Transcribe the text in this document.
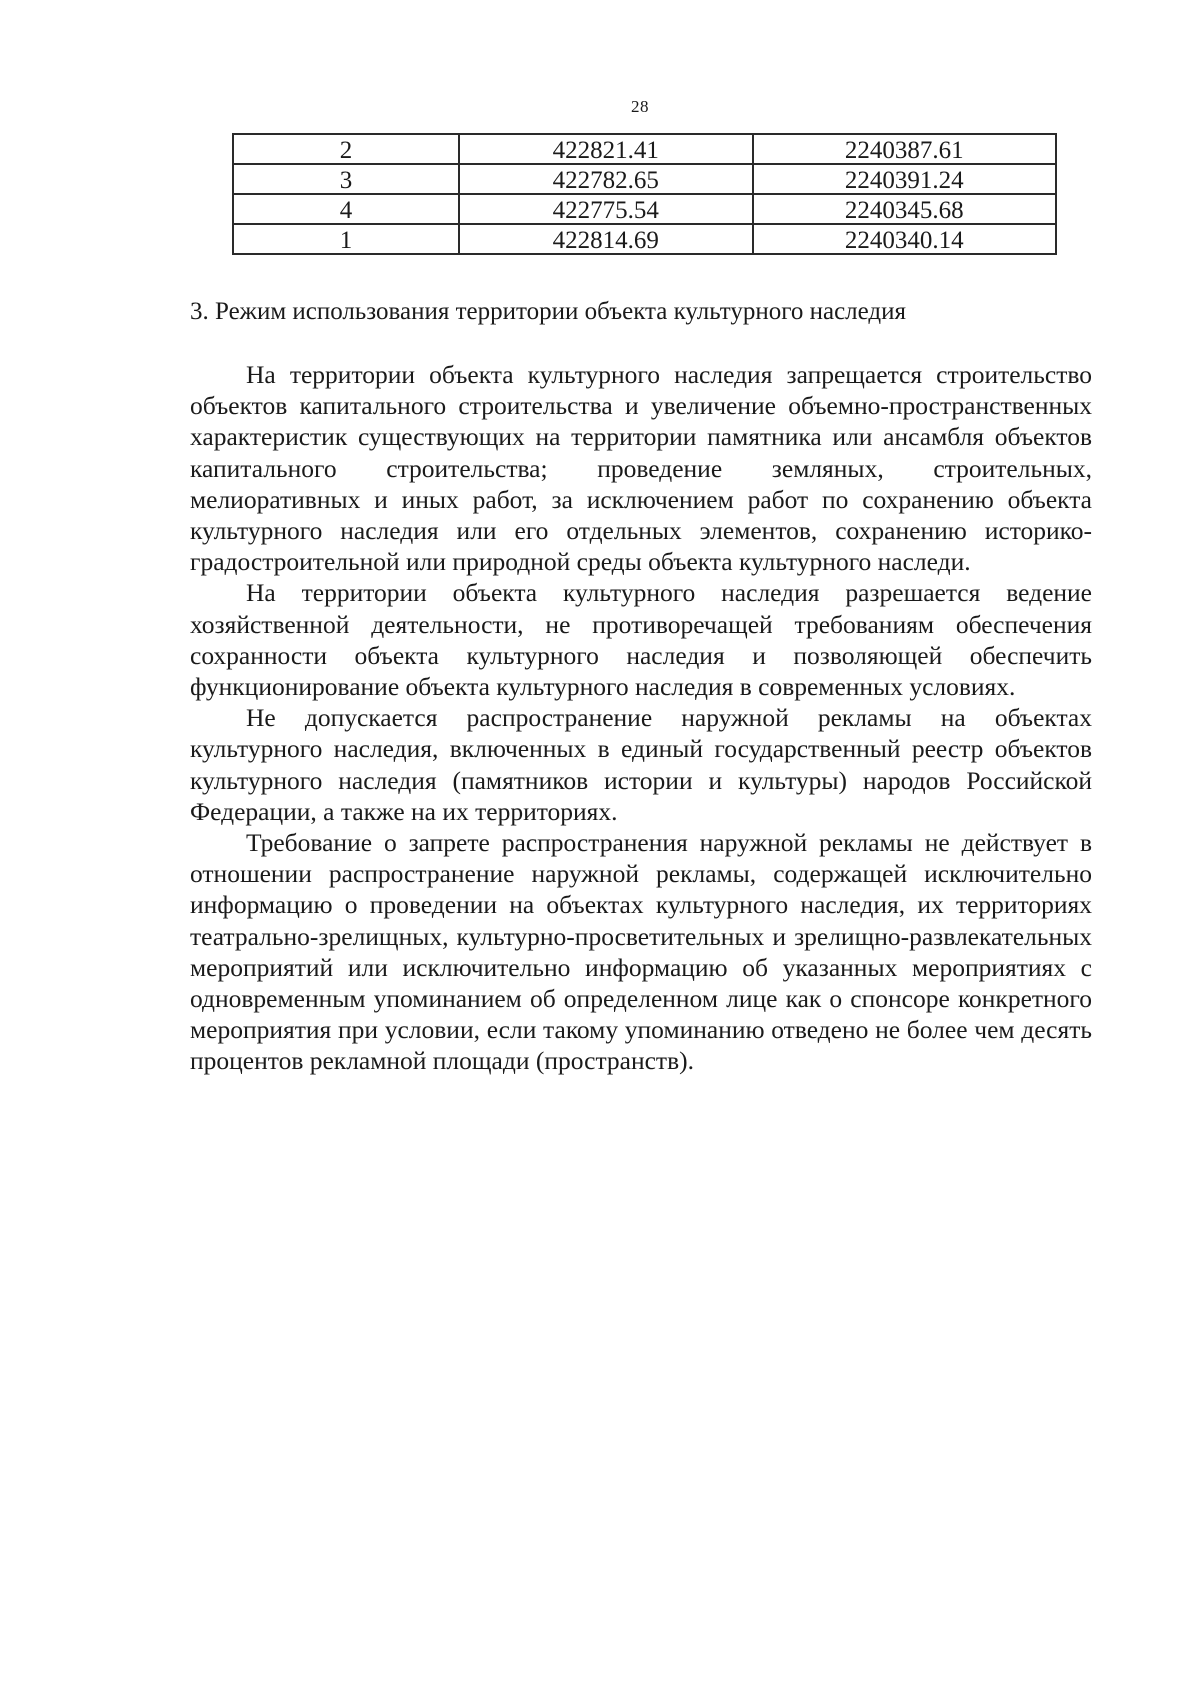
28
2	422821.41	2240387.61
3	422782.65	2240391.24
4	422775.54	2240345.68
1	422814.69	2240340.14
3. Режим использования территории объекта культурного наследия

На территории объекта культурного наследия запрещается строительство объектов капитального строительства и увеличение объемно-пространственных характеристик существующих на территории памятника или ансамбля объектов капитального строительства; проведение земляных, строительных, мелиоративных и иных работ, за исключением работ по сохранению объекта культурного наследия или его отдельных элементов, сохранению историко-градостроительной или природной среды объекта культурного наследи.

На территории объекта культурного наследия разрешается ведение хозяйственной деятельности, не противоречащей требованиям обеспечения сохранности объекта культурного наследия и позволяющей обеспечить функционирование объекта культурного наследия в современных условиях.

Не допускается распространение наружной рекламы на объектах культурного наследия, включенных в единый государственный реестр объектов культурного наследия (памятников истории и культуры) народов Российской Федерации, а также на их территориях.

Требование о запрете распространения наружной рекламы не действует в отношении распространение наружной рекламы, содержащей исключительно информацию о проведении на объектах культурного наследия, их территориях театрально-зрелищных, культурно-просветительных и зрелищно-развлекательных мероприятий или исключительно информацию об указанных мероприятиях с одновременным упоминанием об определенном лице как о спонсоре конкретного мероприятия при условии, если такому упоминанию отведено не более чем десять процентов рекламной площади (пространств).
